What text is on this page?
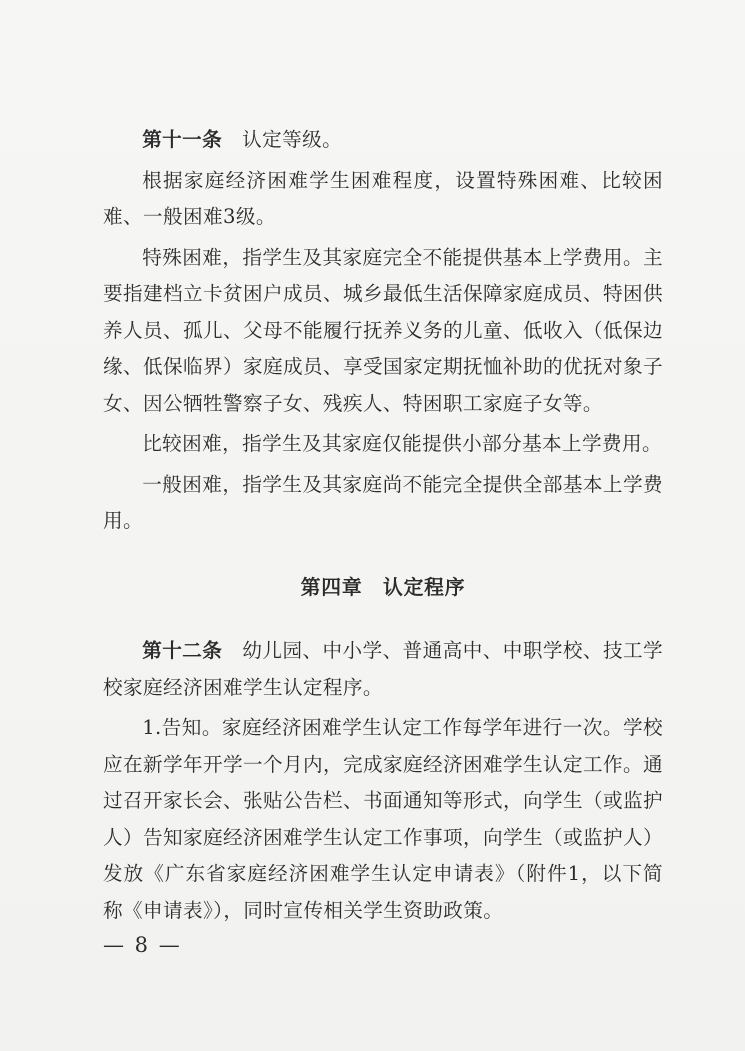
第十一条　 认定等级。

根据家庭经济困难学生困难程度，设置特殊困难、比较困难、一般困难3级。

特殊困难，指学生及其家庭完全不能提供基本上学费用。主要指建档立卡贫困户成员、城乡最低生活保障家庭成员、特困供养人员、孤儿、父母不能履行抚养义务的儿童、低收入（低保边缘、低保临界）家庭成员、享受国家定期抚恤补助的优抚对象子女、因公牺牲警察子女、残疾人、特困职工家庭子女等。

比较困难，指学生及其家庭仅能提供小部分基本上学费用。

一般困难，指学生及其家庭尚不能完全提供全部基本上学费用。

第四章　认定程序

第十二条　 幼儿园、中小学、普通高中、中职学校、技工学校家庭经济困难学生认定程序。

1.告知。家庭经济困难学生认定工作每学年进行一次。学校应在新学年开学一个月内，完成家庭经济困难学生认定工作。通过召开家长会、张贴公告栏、书面通知等形式，向学生（或监护人）告知家庭经济困难学生认定工作事项，向学生（或监护人）发放《广东省家庭经济困难学生认定申请表》（附件1，以下简称《申请表》），同时宣传相关学生资助政策。

— 8 —
